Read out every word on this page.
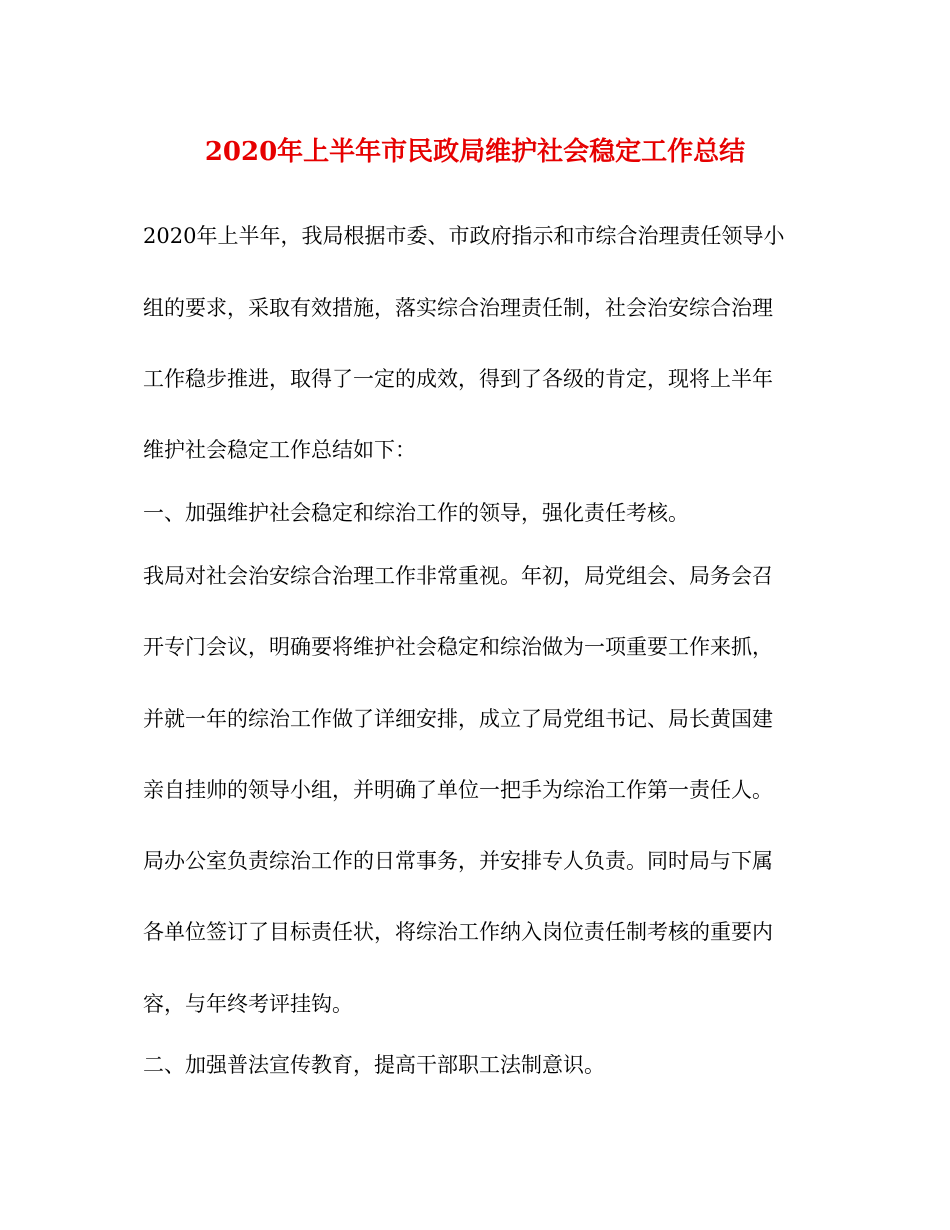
2020年上半年市民政局维护社会稳定工作总结
2020年上半年，我局根据市委、市政府指示和市综合治理责任领导小
组的要求，采取有效措施，落实综合治理责任制，社会治安综合治理
工作稳步推进，取得了一定的成效，得到了各级的肯定，现将上半年
维护社会稳定工作总结如下：
一、加强维护社会稳定和综治工作的领导，强化责任考核。
我局对社会治安综合治理工作非常重视。年初，局党组会、局务会召
开专门会议，明确要将维护社会稳定和综治做为一项重要工作来抓，
并就一年的综治工作做了详细安排，成立了局党组书记、局长黄国建
亲自挂帅的领导小组，并明确了单位一把手为综治工作第一责任人。
局办公室负责综治工作的日常事务，并安排专人负责。同时局与下属
各单位签订了目标责任状，将综治工作纳入岗位责任制考核的重要内
容，与年终考评挂钩。
二、加强普法宣传教育，提高干部职工法制意识。
